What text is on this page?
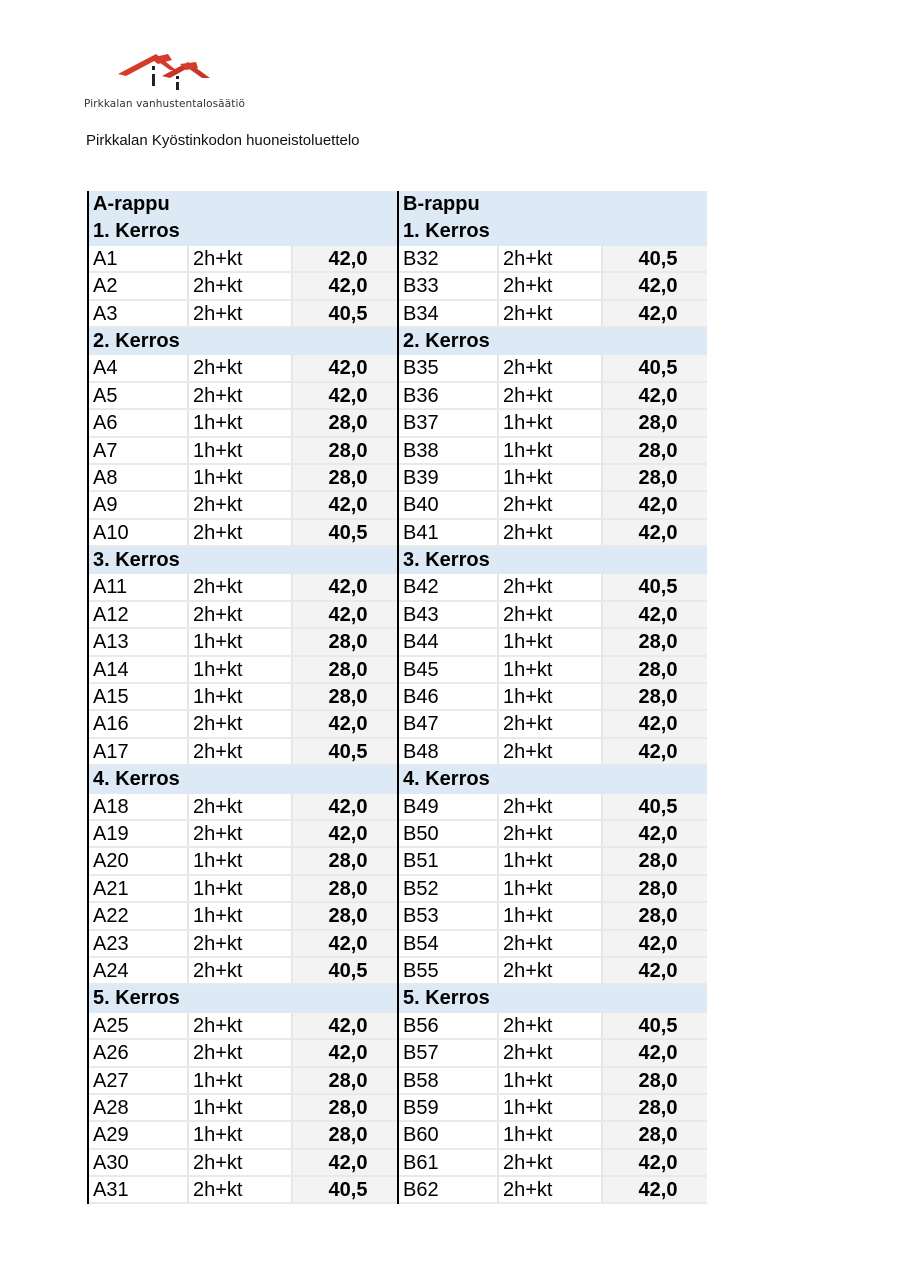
Pirkkalan vanhustentalosäätiö
Pirkkalan Kyöstinkodon huoneistoluettelo
A-rappu
1. Kerros
A1	2h+kt	42,0
A2	2h+kt	42,0
A3	2h+kt	40,5
2. Kerros
A4	2h+kt	42,0
A5	2h+kt	42,0
A6	1h+kt	28,0
A7	1h+kt	28,0
A8	1h+kt	28,0
A9	2h+kt	42,0
A10	2h+kt	40,5
3. Kerros
A11	2h+kt	42,0
A12	2h+kt	42,0
A13	1h+kt	28,0
A14	1h+kt	28,0
A15	1h+kt	28,0
A16	2h+kt	42,0
A17	2h+kt	40,5
4. Kerros
A18	2h+kt	42,0
A19	2h+kt	42,0
A20	1h+kt	28,0
A21	1h+kt	28,0
A22	1h+kt	28,0
A23	2h+kt	42,0
A24	2h+kt	40,5
5. Kerros
A25	2h+kt	42,0
A26	2h+kt	42,0
A27	1h+kt	28,0
A28	1h+kt	28,0
A29	1h+kt	28,0
A30	2h+kt	42,0
A31	2h+kt	40,5
B-rappu
1. Kerros
B32	2h+kt	40,5
B33	2h+kt	42,0
B34	2h+kt	42,0
2. Kerros
B35	2h+kt	40,5
B36	2h+kt	42,0
B37	1h+kt	28,0
B38	1h+kt	28,0
B39	1h+kt	28,0
B40	2h+kt	42,0
B41	2h+kt	42,0
3. Kerros
B42	2h+kt	40,5
B43	2h+kt	42,0
B44	1h+kt	28,0
B45	1h+kt	28,0
B46	1h+kt	28,0
B47	2h+kt	42,0
B48	2h+kt	42,0
4. Kerros
B49	2h+kt	40,5
B50	2h+kt	42,0
B51	1h+kt	28,0
B52	1h+kt	28,0
B53	1h+kt	28,0
B54	2h+kt	42,0
B55	2h+kt	42,0
5. Kerros
B56	2h+kt	40,5
B57	2h+kt	42,0
B58	1h+kt	28,0
B59	1h+kt	28,0
B60	1h+kt	28,0
B61	2h+kt	42,0
B62	2h+kt	42,0
